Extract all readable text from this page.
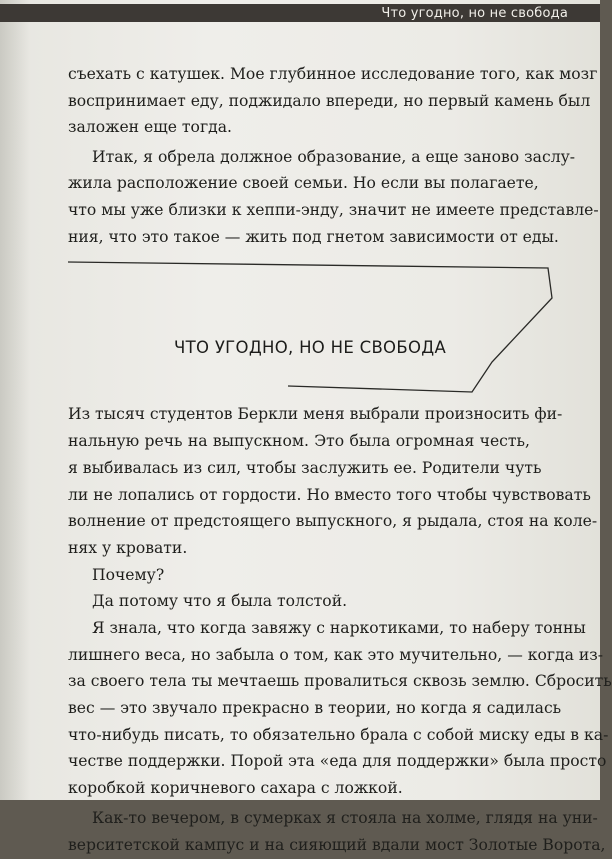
Что угодно, но не свобода

съехать с катушек. Мое глубинное исследование того, как мозг

воспринимает еду, поджидало впереди, но первый камень был

заложен еще тогда.

Итак, я обрела должное образование, а еще заново заслу-

жила расположение своей семьи. Но если вы полагаете,

что мы уже близки к хеппи-энду, значит не имеете представле-

ния, что это такое — жить под гнетом зависимости от еды.

ЧТО УГОДНО, НО НЕ СВОБОДА

Из тысяч студентов Беркли меня выбрали произносить фи-

нальную речь на выпускном. Это была огромная честь,

я выбивалась из сил, чтобы заслужить ее. Родители чуть

ли не лопались от гордости. Но вместо того чтобы чувствовать

волнение от предстоящего выпускного, я рыдала, стоя на коле-

нях у кровати.

Почему?

Да потому что я была толстой.

Я знала, что когда завяжу с наркотиками, то наберу тонны

лишнего веса, но забыла о том, как это мучительно, — когда из-

за своего тела ты мечтаешь провалиться сквозь землю. Сбросить

вес — это звучало прекрасно в теории, но когда я садилась

что-нибудь писать, то обязательно брала с собой миску еды в ка-

честве поддержки. Порой эта «еда для поддержки» была просто

коробкой коричневого сахара с ложкой.

Как-то вечером, в сумерках я стояла на холме, глядя на уни-

верситетской кампус и на сияющий вдали мост Золотые Ворота,
